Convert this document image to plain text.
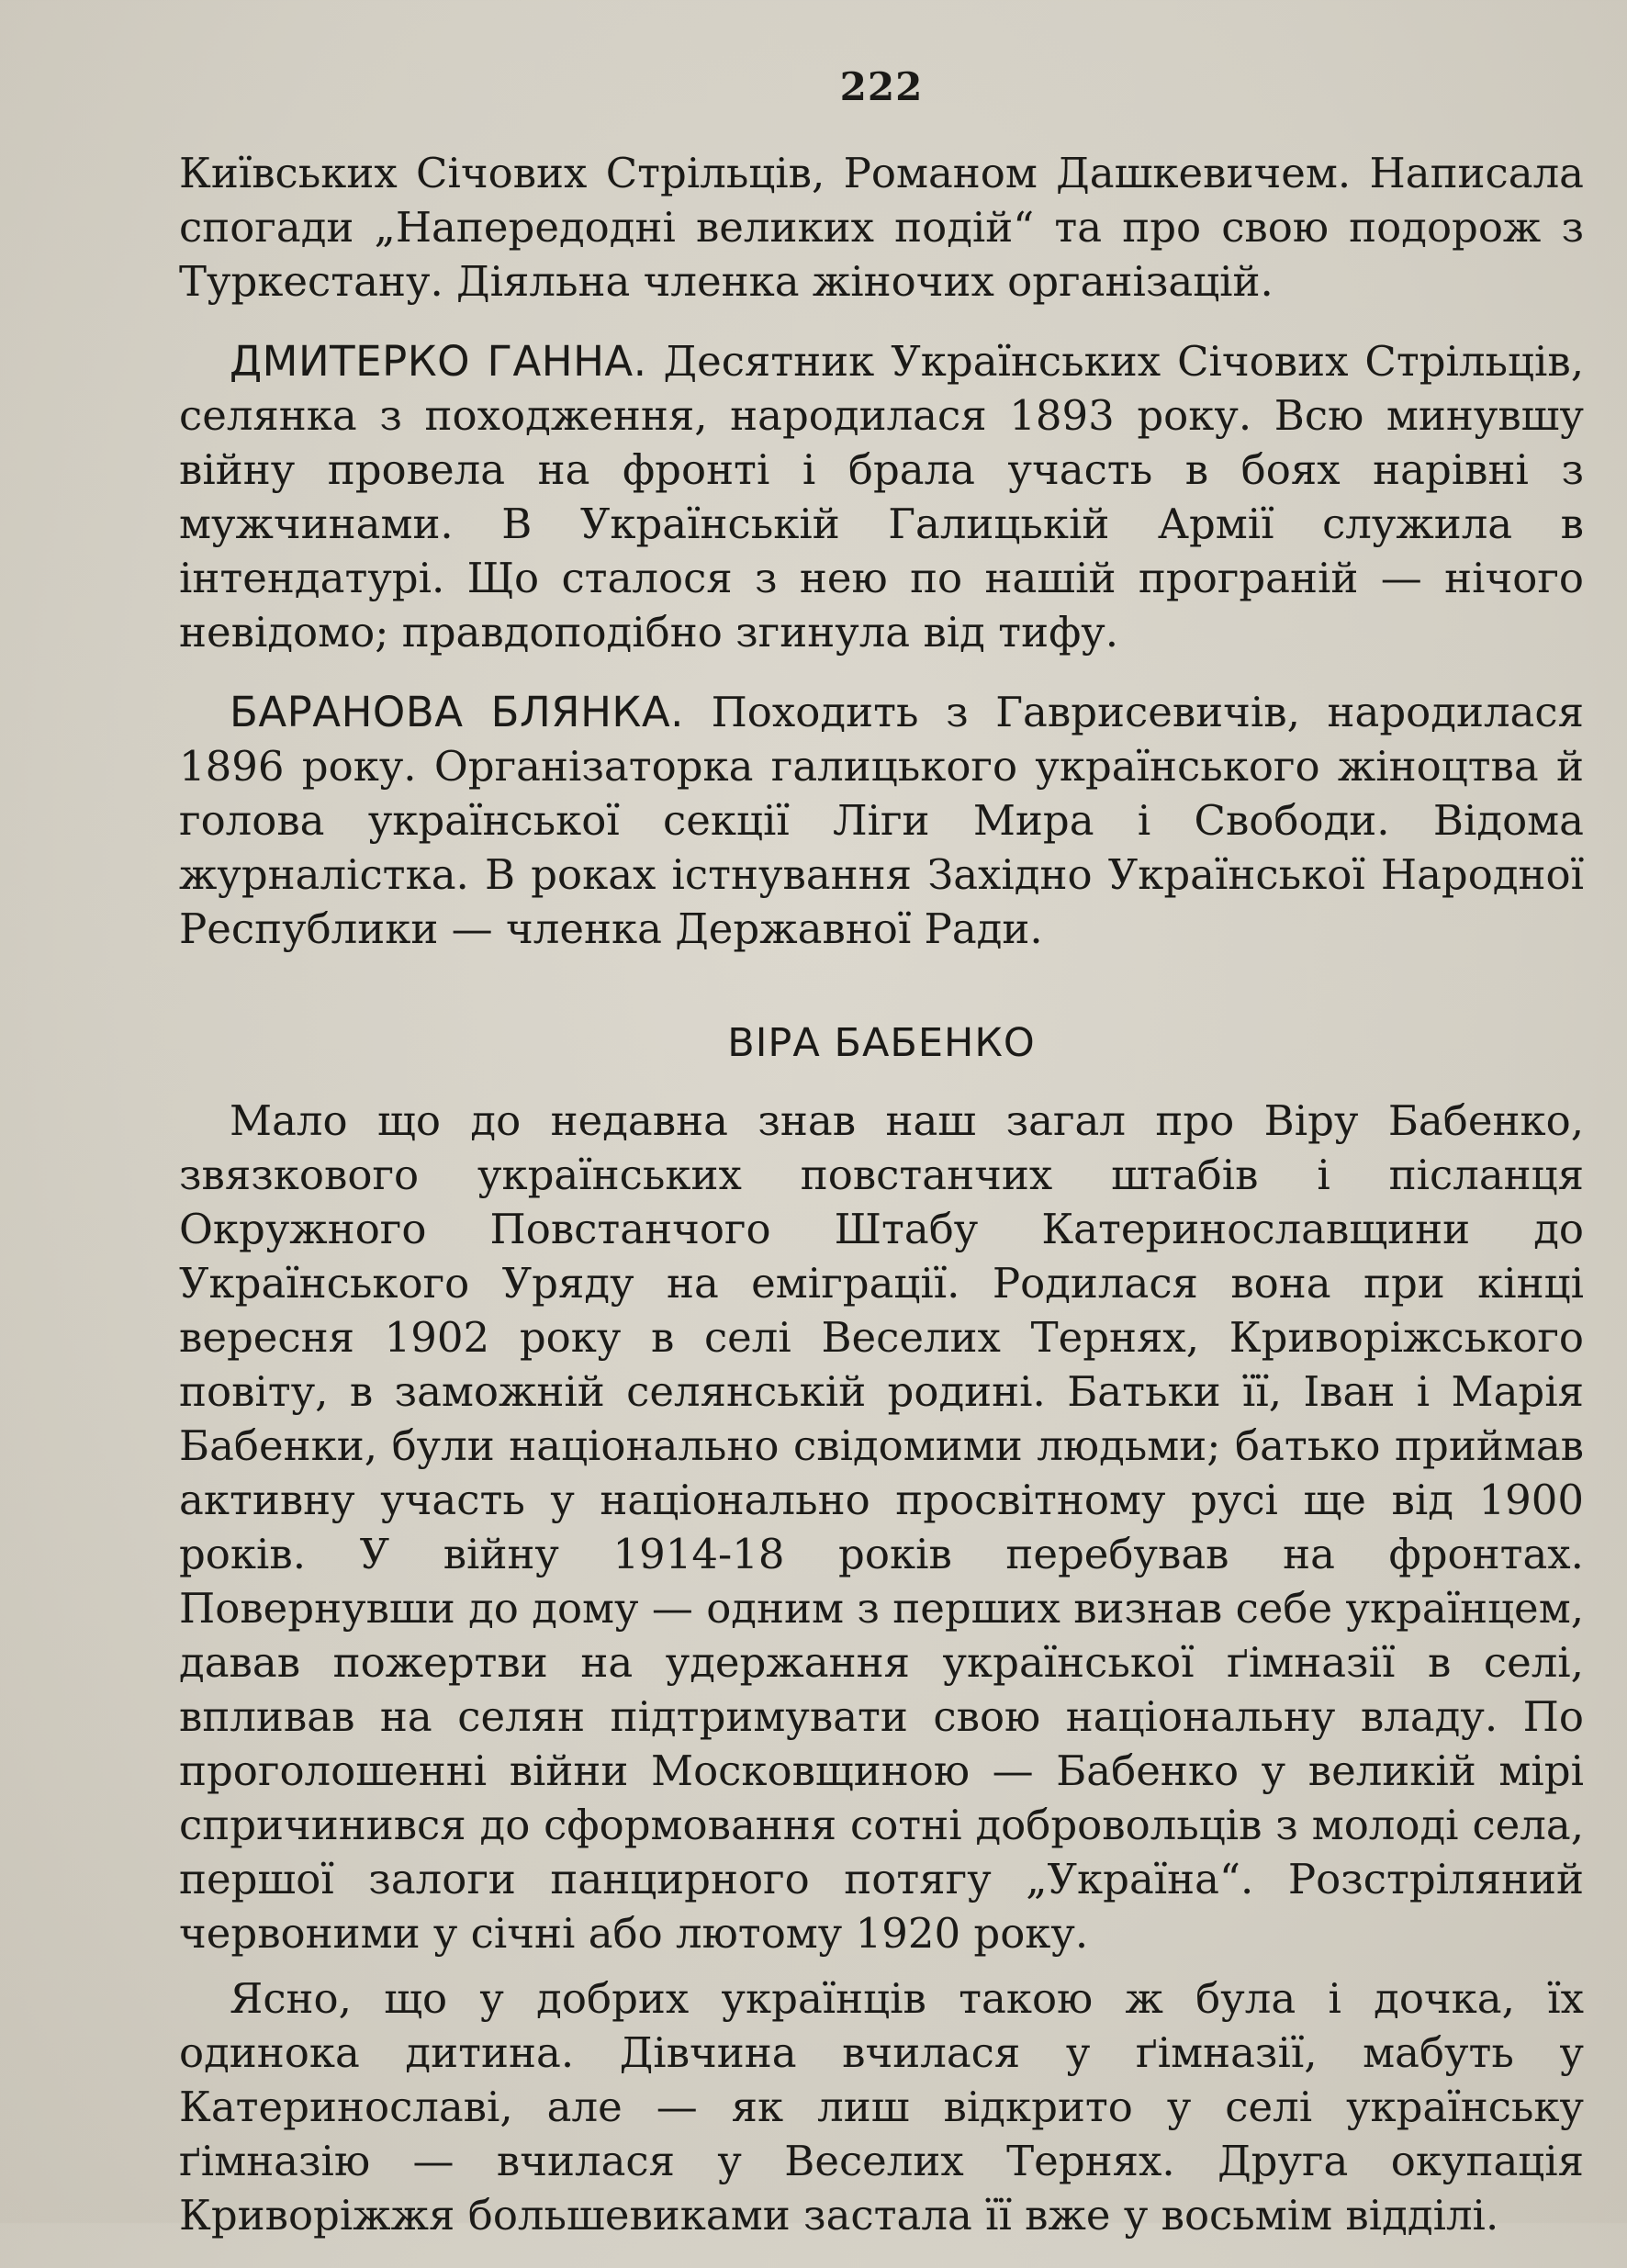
222

Київських Січових Стрільців, Романом Дашкевичем. Написала спогади „Напередодні великих подій“ та про свою подорож з Туркестану. Діяльна членка жіночих організацій.

ДМИТЕРКО ГАННА. Десятник Українських Січових Стрільців, селянка з походження, народилася 1893 року. Всю минувшу війну провела на фронті і брала участь в боях нарівні з мужчинами. В Українській Галицькій Армії служила в інтендатурі. Що сталося з нею по нашій програній — нічого невідомо; правдоподібно згинула від тифу.

БАРАНОВА БЛЯНКА. Походить з Гаврисевичів, народилася 1896 року. Організаторка галицького українського жіноцтва й голова української секції Ліги Мира і Свободи. Відома журналістка. В роках істнування Західно Української Народної Республики — членка Державної Ради.

ВІРА БАБЕНКО

Мало що до недавна знав наш загал про Віру Бабенко, звязкового українських повстанчих штабів і післанця Окружного Повстанчого Штабу Катеринославщини до Українського Уряду на еміграції. Родилася вона при кінці вересня 1902 року в селі Веселих Тернях, Криворіжського повіту, в заможній селянській родині. Батьки її, Іван і Марія Бабенки, були національно свідомими людьми; батько приймав активну участь у національно просвітному русі ще від 1900 років. У війну 1914-18 років перебував на фронтах. Повернувши до дому — одним з перших визнав себе українцем, давав пожертви на удержання української ґімназії в селі, впливав на селян підтримувати свою національну владу. По проголошенні війни Московщиною — Бабенко у великій мірі спричинився до сформовання сотні добровольців з молоді села, першої залоги панцирного потягу „Україна“. Розстріляний червоними у січні або лютому 1920 року.

Ясно, що у добрих українців такою ж була і дочка, їх одинока дитина. Дівчина вчилася у ґімназії, мабуть у Катеринославі, але — як лиш відкрито у селі українську ґімназію — вчилася у Веселих Тернях. Друга окупація Криворіжжя большевиками застала її вже у восьмім відділі.
